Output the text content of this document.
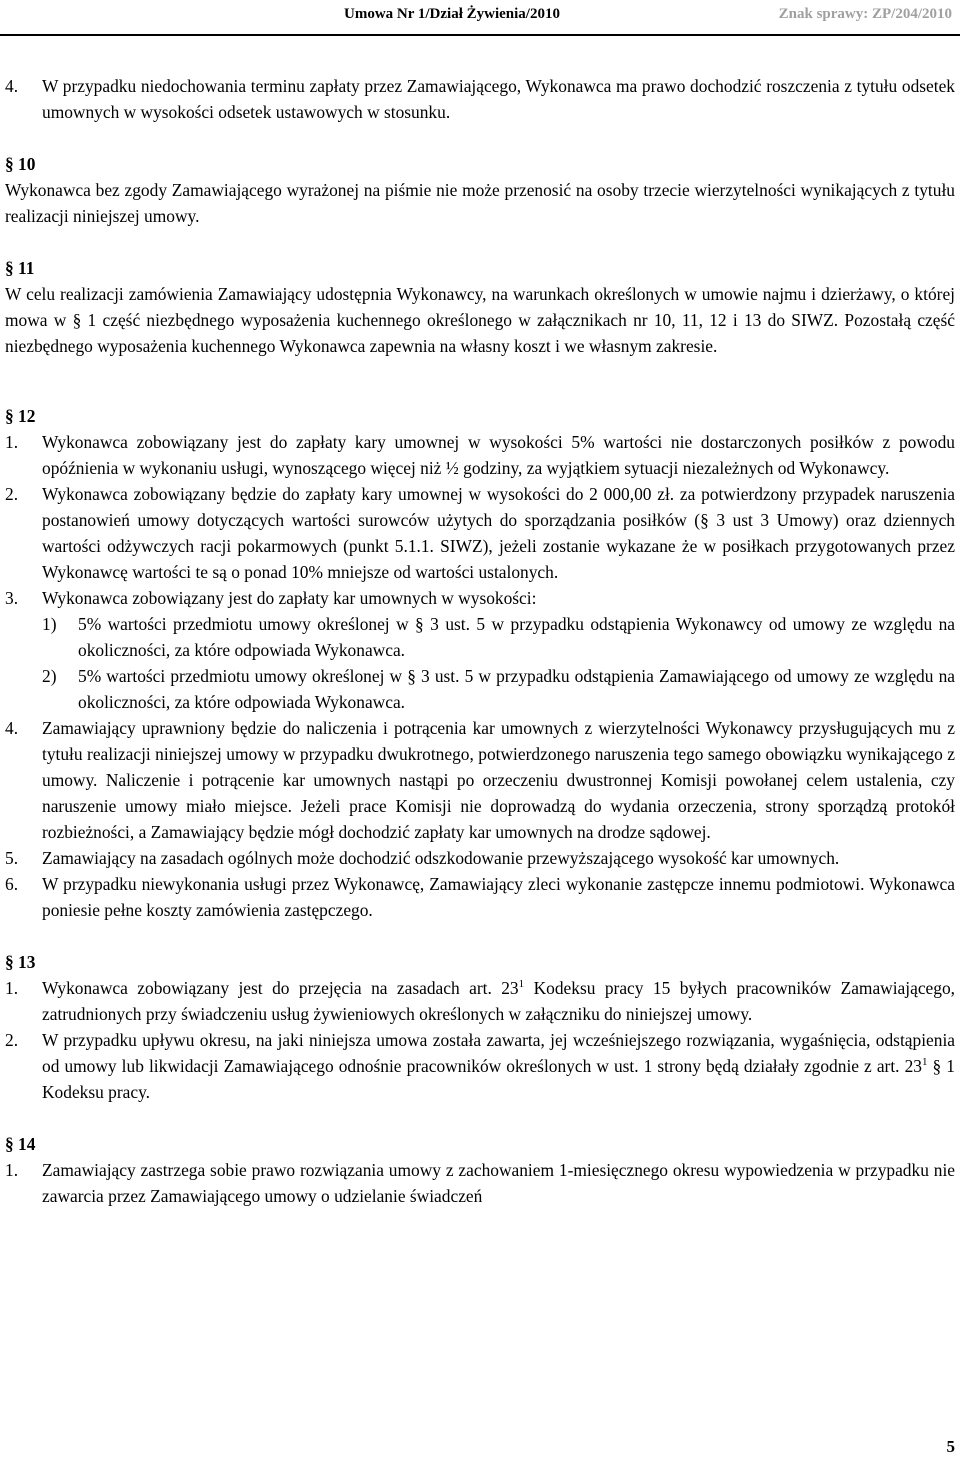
Umowa Nr 1/Dział Żywienia/2010	Znak sprawy: ZP/204/2010

4. W przypadku niedochowania terminu zapłaty przez Zamawiającego, Wykonawca ma prawo dochodzić roszczenia z tytułu odsetek umownych w wysokości odsetek ustawowych w stosunku.

§ 10

Wykonawca bez zgody Zamawiającego wyrażonej na piśmie nie może przenosić na osoby trzecie wierzytelności wynikających z tytułu realizacji niniejszej umowy.

§ 11

W celu realizacji zamówienia Zamawiający udostępnia Wykonawcy, na warunkach określonych w umowie najmu i dzierżawy, o której mowa w § 1 część niezbędnego wyposażenia kuchennego określonego w załącznikach nr 10, 11, 12 i 13 do SIWZ. Pozostałą część niezbędnego wyposażenia kuchennego Wykonawca zapewnia na własny koszt i we własnym zakresie.

§ 12

1. Wykonawca zobowiązany jest do zapłaty kary umownej w wysokości 5% wartości nie dostarczonych posiłków z powodu opóźnienia w wykonaniu usługi, wynoszącego więcej niż ½ godziny, za wyjątkiem sytuacji niezależnych od Wykonawcy.

2. Wykonawca zobowiązany będzie do zapłaty kary umownej w wysokości do 2 000,00 zł. za potwierdzony przypadek naruszenia postanowień umowy dotyczących wartości surowców użytych do sporządzania posiłków (§ 3 ust 3 Umowy) oraz dziennych wartości odżywczych racji pokarmowych (punkt 5.1.1. SIWZ), jeżeli zostanie wykazane że w posiłkach przygotowanych przez Wykonawcę wartości te są o ponad 10% mniejsze od wartości ustalonych.

3. Wykonawca zobowiązany jest do zapłaty kar umownych w wysokości:

1) 5% wartości przedmiotu umowy określonej w § 3 ust. 5 w przypadku odstąpienia Wykonawcy od umowy ze względu na okoliczności, za które odpowiada Wykonawca.

2) 5% wartości przedmiotu umowy określonej w § 3 ust. 5 w przypadku odstąpienia Zamawiającego od umowy ze względu na okoliczności, za które odpowiada Wykonawca.

4. Zamawiający uprawniony będzie do naliczenia i potrącenia kar umownych z wierzytelności Wykonawcy przysługujących mu z tytułu realizacji niniejszej umowy w przypadku dwukrotnego, potwierdzonego naruszenia tego samego obowiązku wynikającego z umowy. Naliczenie i potrącenie kar umownych nastąpi po orzeczeniu dwustronnej Komisji powołanej celem ustalenia, czy naruszenie umowy miało miejsce. Jeżeli prace Komisji nie doprowadzą do wydania orzeczenia, strony sporządzą protokół rozbieżności, a Zamawiający będzie mógł dochodzić zapłaty kar umownych na drodze sądowej.

5. Zamawiający na zasadach ogólnych może dochodzić odszkodowanie przewyższającego wysokość kar umownych.

6. W przypadku niewykonania usługi przez Wykonawcę, Zamawiający zleci wykonanie zastępcze innemu podmiotowi. Wykonawca poniesie pełne koszty zamówienia zastępczego.

§ 13

1. Wykonawca zobowiązany jest do przejęcia na zasadach art. $23^1$ Kodeksu pracy 15 byłych pracowników Zamawiającego, zatrudnionych przy świadczeniu usług żywieniowych określonych w załączniku do niniejszej umowy.

2. W przypadku upływu okresu, na jaki niniejsza umowa została zawarta, jej wcześniejszego rozwiązania, wygaśnięcia, odstąpienia od umowy lub likwidacji Zamawiającego odnośnie pracowników określonych w ust. 1 strony będą działały zgodnie z art. $23^1$ § 1 Kodeksu pracy.

§ 14

1. Zamawiający zastrzega sobie prawo rozwiązania umowy z zachowaniem 1-miesięcznego okresu wypowiedzenia w przypadku nie zawarcia przez Zamawiającego umowy o udzielanie świadczeń

5
